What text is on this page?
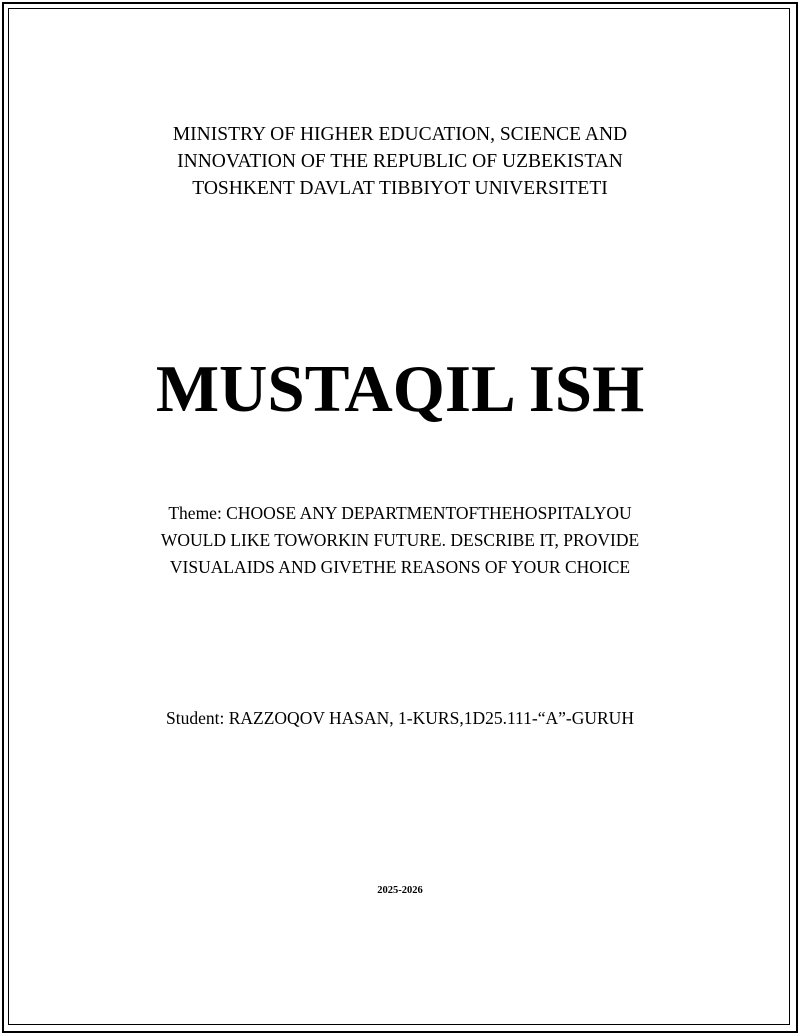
MINISTRY OF HIGHER EDUCATION, SCIENCE AND
INNOVATION OF THE REPUBLIC OF UZBEKISTAN
TOSHKENT DAVLAT TIBBIYOT UNIVERSITETI
MUSTAQIL ISH
Theme: CHOOSE ANY DEPARTMENTOFTHEHOSPITALYOU
WOULD LIKE TOWORKIN FUTURE. DESCRIBE IT, PROVIDE
VISUALAIDS AND GIVETHE REASONS OF YOUR CHOICE
Student: RAZZOQOV HASAN, 1-KURS,1D25.111-“A”-GURUH
2025-2026
